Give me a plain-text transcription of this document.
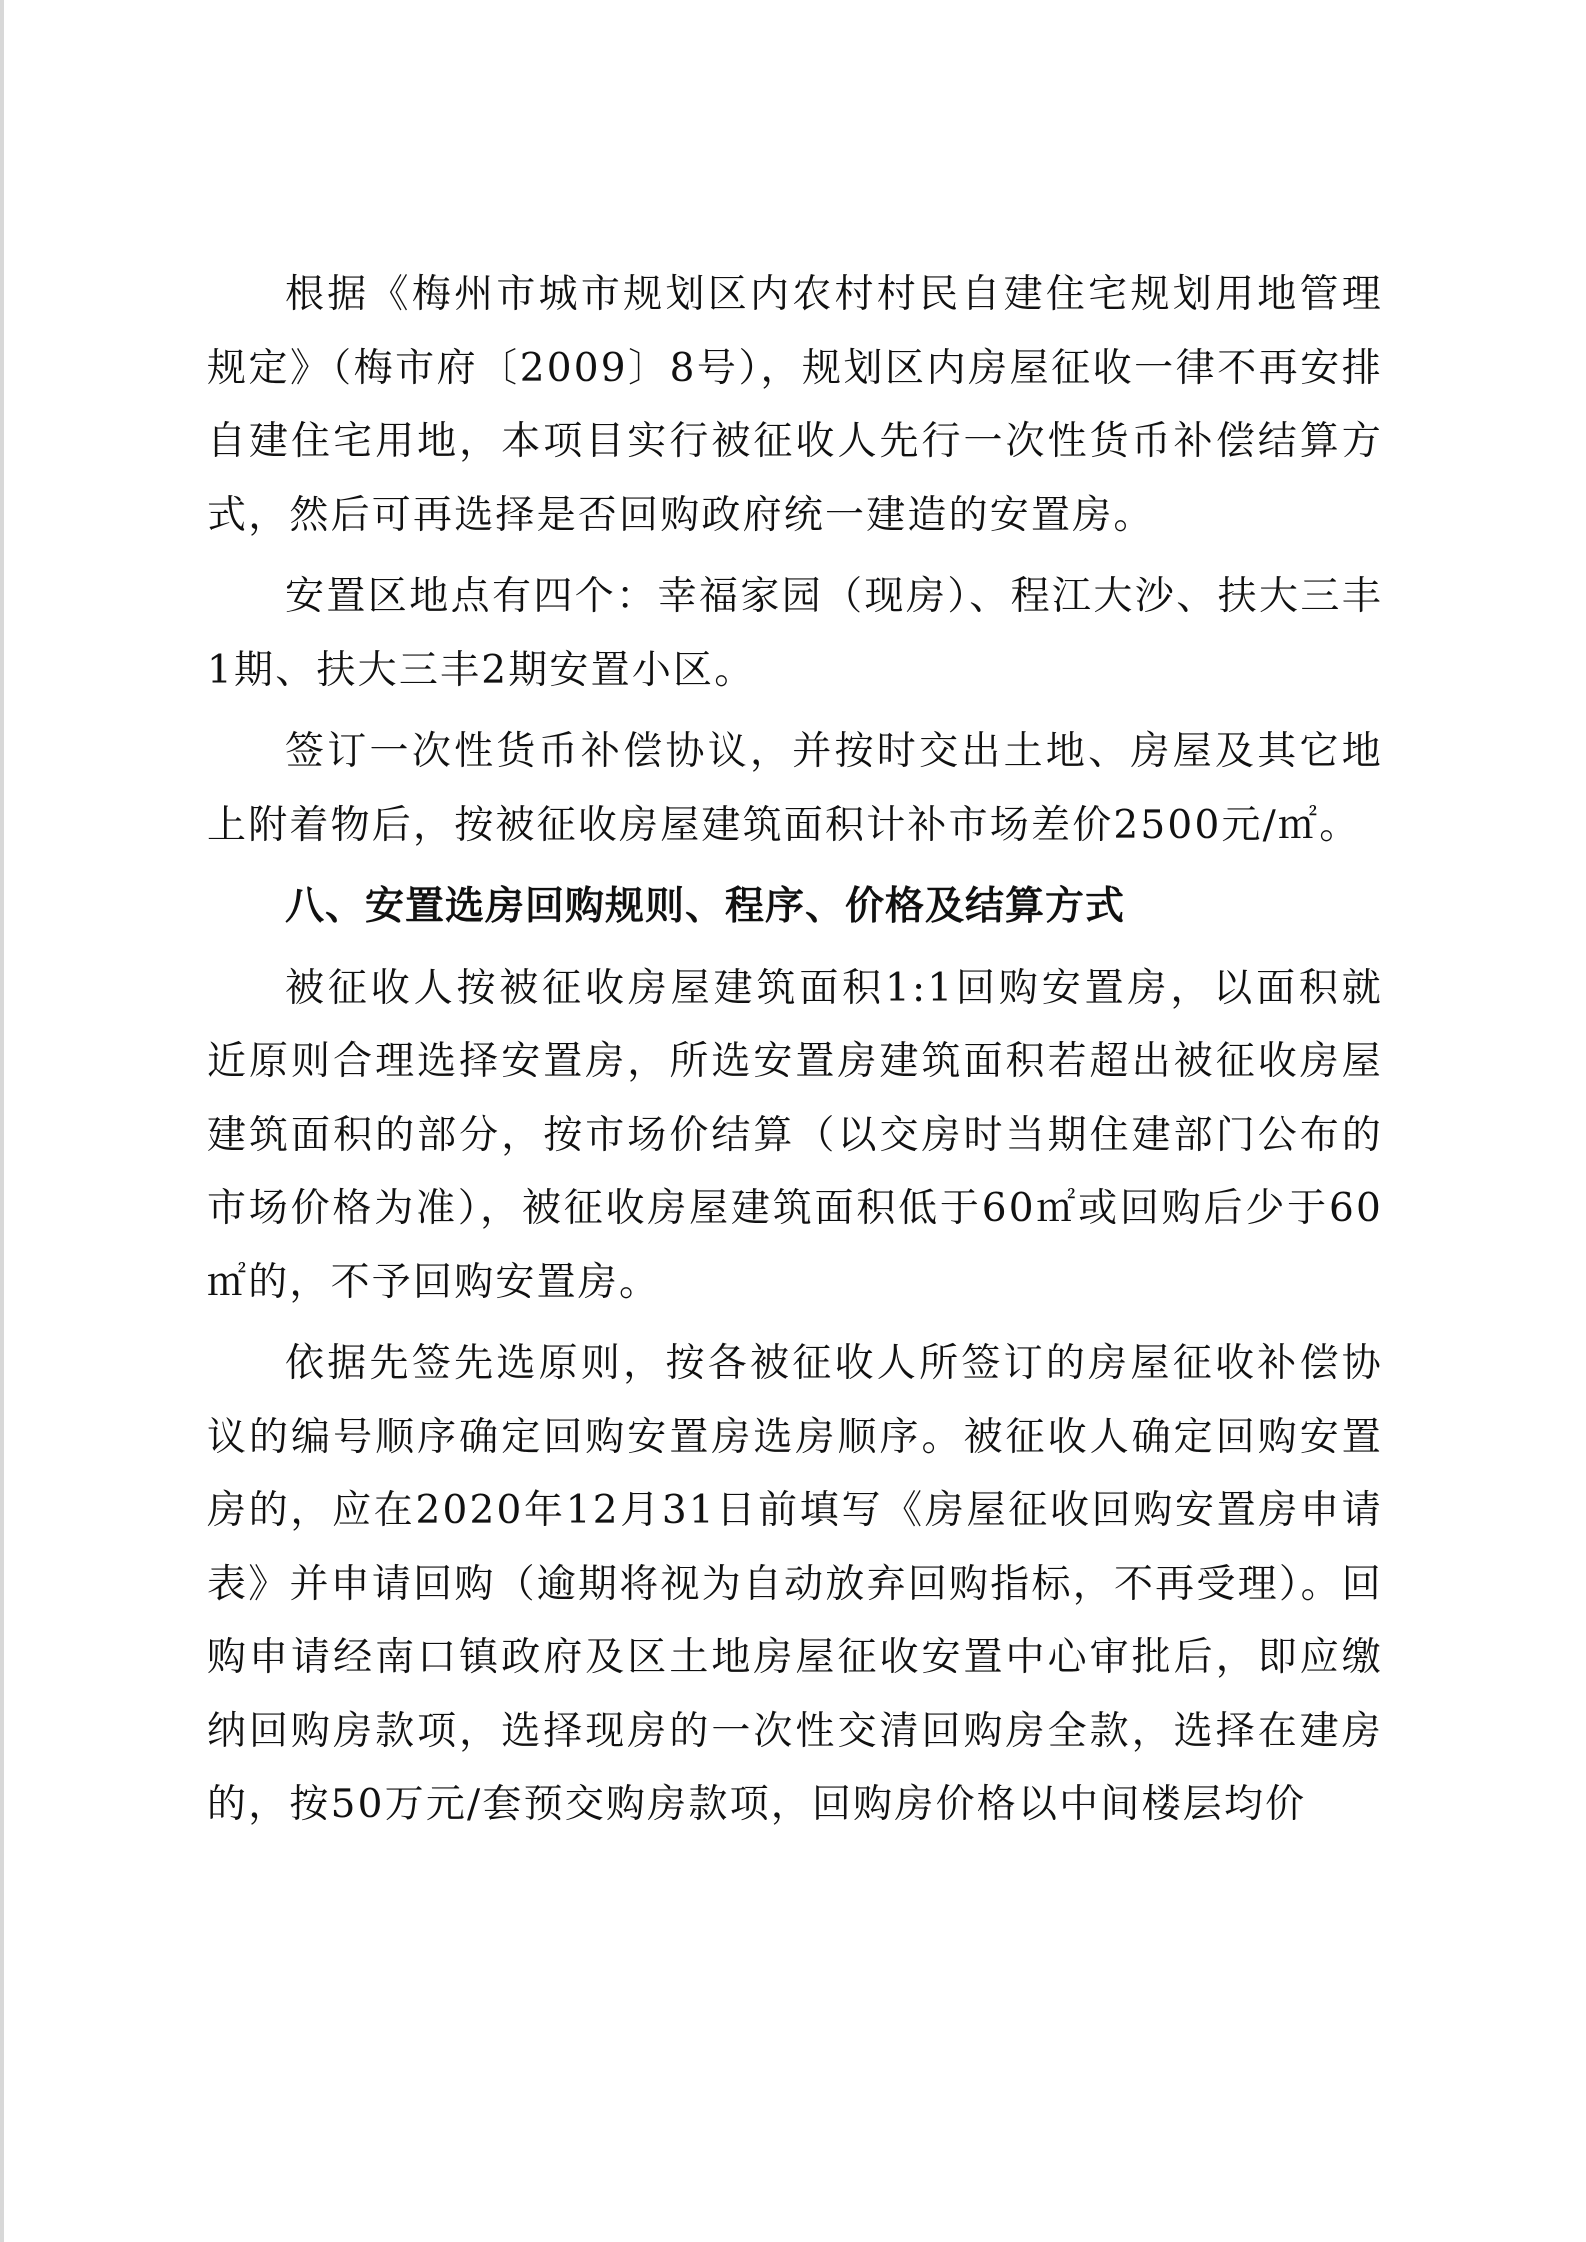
根据《梅州市城市规划区内农村村民自建住宅规划用地管理规定》（梅市府〔2009〕8号），规划区内房屋征收一律不再安排自建住宅用地，本项目实行被征收人先行一次性货币补偿结算方式，然后可再选择是否回购政府统一建造的安置房。

安置区地点有四个：幸福家园（现房）、程江大沙、扶大三丰1期、扶大三丰2期安置小区。

签订一次性货币补偿协议，并按时交出土地、房屋及其它地上附着物后，按被征收房屋建筑面积计补市场差价2500元/㎡。

八、安置选房回购规则、程序、价格及结算方式

被征收人按被征收房屋建筑面积1:1回购安置房，以面积就近原则合理选择安置房，所选安置房建筑面积若超出被征收房屋建筑面积的部分，按市场价结算（以交房时当期住建部门公布的市场价格为准），被征收房屋建筑面积低于60㎡或回购后少于60㎡的，不予回购安置房。

依据先签先选原则，按各被征收人所签订的房屋征收补偿协议的编号顺序确定回购安置房选房顺序。被征收人确定回购安置房的，应在2020年12月31日前填写《房屋征收回购安置房申请表》并申请回购（逾期将视为自动放弃回购指标，不再受理）。回购申请经南口镇政府及区土地房屋征收安置中心审批后，即应缴纳回购房款项，选择现房的一次性交清回购房全款，选择在建房的，按50万元/套预交购房款项，回购房价格以中间楼层均价
